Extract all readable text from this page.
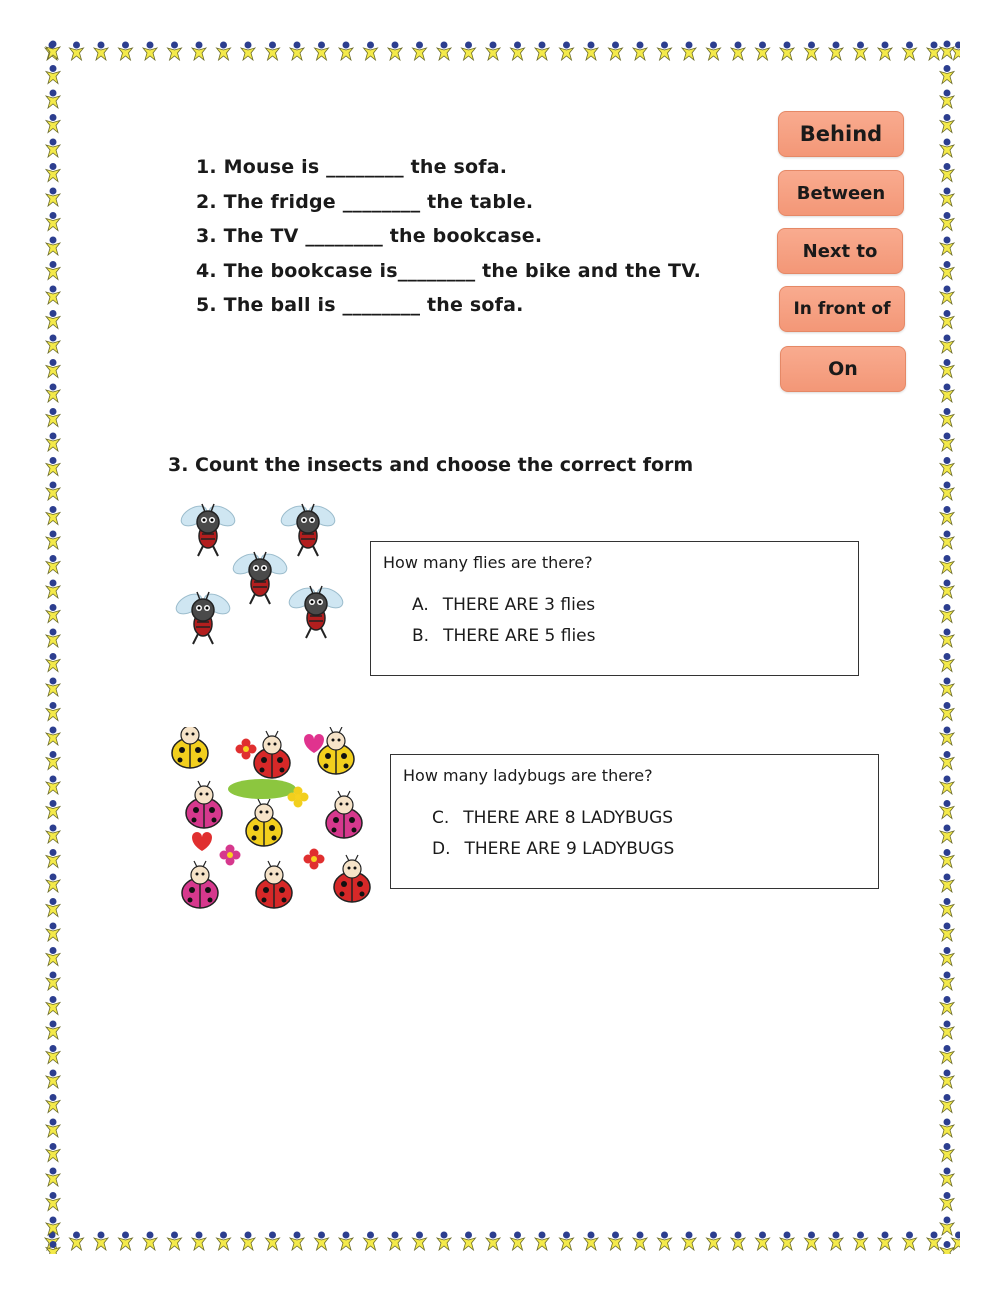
1. Mouse is ________ the sofa.
2. The fridge ________ the table.
3. The TV ________ the bookcase.
4. The bookcase is________ the bike and the TV.
5. The ball is ________ the sofa.
Behind
Between
Next to
In front of
On
3. Count the insects and choose the correct form
How many flies are there?
A. THERE ARE 3 flies
B. THERE ARE 5 flies
How many ladybugs are there?
C. THERE ARE 8 LADYBUGS
D. THERE ARE 9 LADYBUGS
